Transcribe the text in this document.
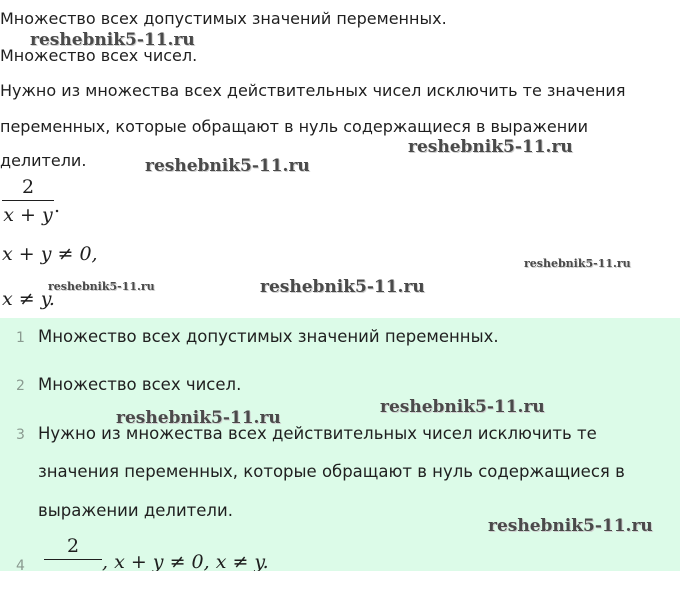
Множество всех допустимых значений переменных.
Множество всех чисел.
Нужно из множества всех действительных чисел исключить те значения
переменных, которые обращают в нуль содержащиеся в выражении
делители.
2
x + y .
x + y ≠ 0,
x ≠ y.
1 Множество всех допустимых значений переменных.
2 Множество всех чисел.
3 Нужно из множества всех действительных чисел исключить те
значения переменных, которые обращают в нуль содержащиеся в
выражении делители.
4
2
, x + y ≠ 0, x ≠ y.
reshebnik5-11.ru
reshebnik5-11.ru
reshebnik5-11.ru
reshebnik5-11.ru
reshebnik5-11.ru	reshebnik5-11.ru
reshebnik5-11.ru
reshebnik5-11.ru
reshebnik5-11.ru
